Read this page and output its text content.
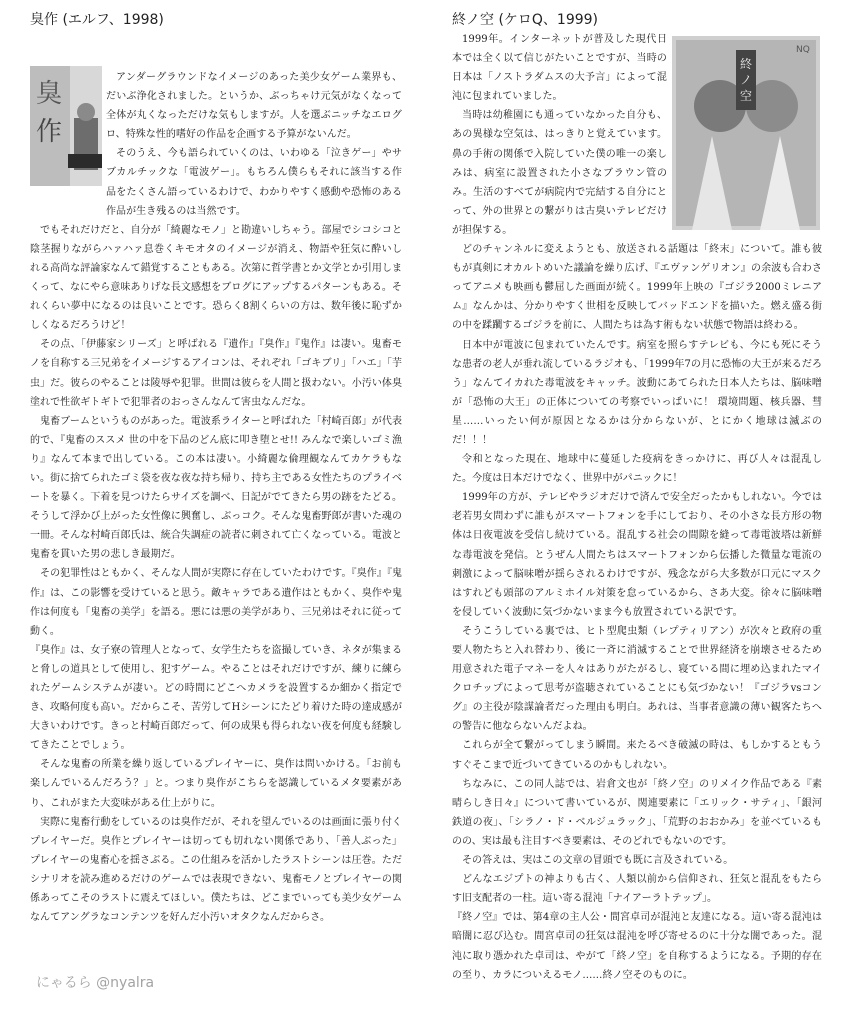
臭作 (エルフ、1998)
臭
作

アンダーグラウンドなイメージのあった美少女ゲーム業界も、だいぶ浄化されました。というか、ぶっちゃけ元気がなくなって全体が丸くなっただけな気もしますが。人を選ぶニッチなエログロ、特殊な性的嗜好の作品を企画する予算がないんだ。

そのうえ、今も語られていくのは、いわゆる「泣きゲー」やサブカルチックな「電波ゲー」。もちろん僕らもそれに該当する作品をたくさん語っているわけで、わかりやすく感動や恐怖のある作品が生き残るのは当然です。

でもそれだけだと、自分が「綺麗なモノ」と勘違いしちゃう。部屋でシコシコと陰茎握りながらハァハァ息巻くキモオタのイメージが消え、物語や狂気に酔いしれる高尚な評論家なんて錯覚することもある。次第に哲学書とか文学とか引用しまくって、なにやら意味ありげな長文感想をブログにアップするパターンもある。それくらい夢中になるのは良いことです。恐らく8割くらいの方は、数年後に恥ずかしくなるだろうけど！

その点、「伊藤家シリーズ」と呼ばれる『遺作』『臭作』『鬼作』は凄い。鬼畜モノを自称する三兄弟をイメージするアイコンは、それぞれ「ゴキブリ」「ハエ」「芋虫」だ。彼らのやることは陵辱や犯罪。世間は彼らを人間と扱わない。小汚い体臭塗れで性欲ギトギトで犯罪者のおっさんなんて害虫なんだな。

鬼畜ブームというものがあった。電波系ライターと呼ばれた「村崎百郎」が代表的で、『鬼畜のススメ 世の中を下品のどん底に叩き堕とせ!! みんなで楽しいゴミ漁り』なんて本まで出している。この本は凄い。小綺麗な倫理観なんてカケラもない。街に捨てられたゴミ袋を夜な夜な持ち帰り、持ち主である女性たちのプライベートを暴く。下着を見つけたらサイズを調べ、日記がでてきたら男の跡をたどる。そうして浮かび上がった女性像に興奮し、ぶっコク。そんな鬼畜野郎が書いた魂の一冊。そんな村崎百郎氏は、統合失調症の読者に刺されて亡くなっている。電波と鬼畜を貫いた男の悲しき最期だ。

その犯罪性はともかく、そんな人間が実際に存在していたわけです。『臭作』『鬼作』は、この影響を受けていると思う。敵キャラである遺作はともかく、臭作や鬼作は何度も「鬼畜の美学」を語る。悪には悪の美学があり、三兄弟はそれに従って動く。

『臭作』は、女子寮の管理人となって、女学生たちを盗撮していき、ネタが集まると脅しの道具として使用し、犯すゲーム。やることはそれだけですが、練りに練られたゲームシステムが凄い。どの時間にどこへカメラを設置するか細かく指定でき、攻略何度も高い。だからこそ、苦労してHシーンにたどり着けた時の達成感が大きいわけです。きっと村崎百郎だって、何の成果も得られない夜を何度も経験してきたことでしょう。

そんな鬼畜の所業を繰り返しているプレイヤーに、臭作は問いかける。「お前も楽しんでいるんだろう？」と。つまり臭作がこちらを認識しているメタ要素があり、これがまた大変味がある仕上がりに。

実際に鬼畜行動をしているのは臭作だが、それを望んでいるのは画面に張り付くプレイヤーだ。臭作とプレイヤーは切っても切れない関係であり、「善人ぶった」プレイヤーの鬼畜心を揺さぶる。この仕組みを活かしたラストシーンは圧巻。ただシナリオを読み進めるだけのゲームでは表現できない、鬼畜モノとプレイヤーの関係あってこそのラストに震えてほしい。僕たちは、どこまでいっても美少女ゲームなんてアングラなコンテンツを好んだ小汚いオタクなんだからさ。

終ノ空 (ケロQ、1999)
終
ノ
空
NQ

1999年。インターネットが普及した現代日本では全く以て信じがたいことですが、当時の日本は「ノストラダムスの大予言」によって混沌に包まれていました。

当時は幼稚園にも通っていなかった自分も、あの異様な空気は、はっきりと覚えています。鼻の手術の関係で入院していた僕の唯一の楽しみは、病室に設置された小さなブラウン管のみ。生活のすべてが病院内で完結する自分にとって、外の世界との繋がりは古臭いテレビだけが担保する。

どのチャンネルに変えようとも、放送される話題は「終末」について。誰も彼もが真剣にオカルトめいた議論を繰り広げ、『エヴァンゲリオン』の余波も合わさってアニメも映画も鬱屈した画面が続く。1999年上映の『ゴジラ2000ミレニアム』なんかは、分かりやすく世相を反映してバッドエンドを描いた。燃え盛る街の中を蹂躙するゴジラを前に、人間たちは為す術もない状態で物語は終わる。

日本中が電波に包まれていたんです。病室を照らすテレビも、今にも死にそうな患者の老人が垂れ流しているラジオも、「1999年7の月に恐怖の大王が来るだろう」なんてイカれた毒電波をキャッチ。波動にあてられた日本人たちは、脳味噌が「恐怖の大王」の正体についての考察でいっぱいに！ 環境問題、核兵器、彗星……いったい何が原因となるかは分からないが、とにかく地球は滅ぶのだ！！！

令和となった現在、地球中に蔓延した疫病をきっかけに、再び人々は混乱した。今度は日本だけでなく、世界中がパニックに！

1999年の方が、テレビやラジオだけで済んで安全だったかもしれない。今では老若男女問わずに誰もがスマートフォンを手にしており、その小さな長方形の物体は日夜電波を受信し続けている。混乱する社会の間隙を縫って毒電波塔は新鮮な毒電波を発信。とうぜん人間たちはスマートフォンから伝播した微量な電流の刺激によって脳味噌が揺らされるわけですが、残念ながら大多数が口元にマスクはすれども頭部のアルミホイル対策を怠っているから、さあ大変。徐々に脳味噌を侵していく波動に気づかないまま今も放置されている訳です。

そうこうしている裏では、ヒト型爬虫類（レプティリアン）が次々と政府の重要人物たちと入れ替わり、後に一斉に消滅することで世界経済を崩壊させるため用意された電子マネーを人々はありがたがるし、寝ている間に埋め込まれたマイクロチップによって思考が盗聴されていることにも気づかない！『ゴジラvsコング』の主役が陰謀論者だった理由も明白。あれは、当事者意識の薄い観客たちへの警告に他ならないんだよね。

これらが全て繋がってしまう瞬間。来たるべき破滅の時は、もしかするともうすぐそこまで近づいてきているのかもしれない。

ちなみに、この同人誌では、岩倉文也が「終ノ空」のリメイク作品である『素晴らしき日々』について書いているが、関連要素に「エリック・サティ」、「銀河鉄道の夜」、「シラノ・ド・ベルジュラック」、「荒野のおおかみ」を並べているものの、実は最も注目すべき要素は、そのどれでもないのです。

その答えは、実はこの文章の冒頭でも既に言及されている。

どんなエジプトの神よりも古く、人類以前から信仰され、狂気と混乱をもたらす旧支配者の一柱。這い寄る混沌「ナイアーラトテップ」。

『終ノ空』では、第4章の主人公・間宮卓司が混沌と友達になる。這い寄る混沌は暗闇に忍び込む。間宮卓司の狂気は混沌を呼び寄せるのに十分な闇であった。混沌に取り憑かれた卓司は、やがて「終ノ空」を自称するようになる。予期的存在の至り、カラについえるモノ……終ノ空そのものに。

にゃるら @nyalra
